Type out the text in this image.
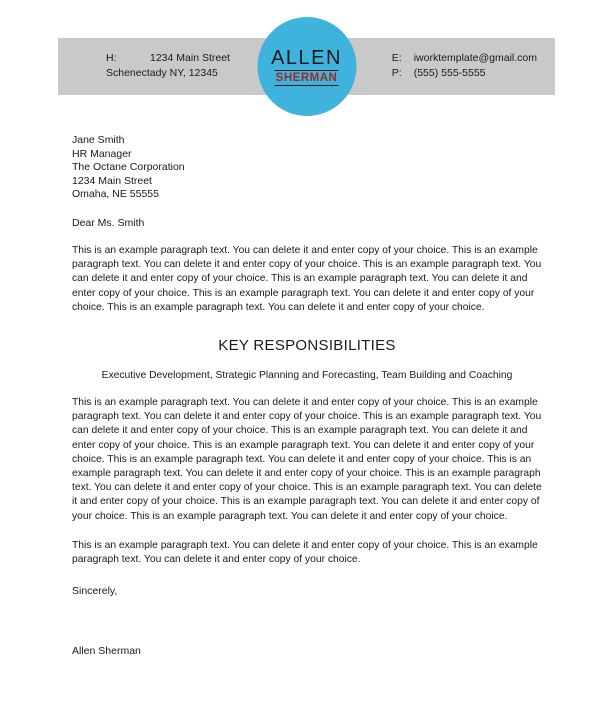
H:	1234 Main Street
Schenectady NY, 12345
ALLEN
SHERMAN
E: iworktemplate@gmail.com
P: (555) 555-5555
Jane Smith
HR Manager
The Octane Corporation
1234 Main Street
Omaha, NE 55555
Dear Ms. Smith
This is an example paragraph text. You can delete it and enter copy of your choice. This is an example paragraph text. You can delete it and enter copy of your choice. This is an example paragraph text. You can delete it and enter copy of your choice. This is an example paragraph text. You can delete it and enter copy of your choice. This is an example paragraph text. You can delete it and enter copy of your choice. This is an example paragraph text. You can delete it and enter copy of your choice.
KEY RESPONSIBILITIES
Executive Development, Strategic Planning and Forecasting, Team Building and Coaching
This is an example paragraph text. You can delete it and enter copy of your choice. This is an example paragraph text. You can delete it and enter copy of your choice. This is an example paragraph text. You can delete it and enter copy of your choice. This is an example paragraph text. You can delete it and enter copy of your choice. This is an example paragraph text. You can delete it and enter copy of your choice. This is an example paragraph text. You can delete it and enter copy of your choice. This is an example paragraph text. You can delete it and enter copy of your choice. This is an example paragraph text. You can delete it and enter copy of your choice. This is an example paragraph text. You can delete it and enter copy of your choice. This is an example paragraph text. You can delete it and enter copy of your choice. This is an example paragraph text. You can delete it and enter copy of your choice.
This is an example paragraph text. You can delete it and enter copy of your choice. This is an example paragraph text. You can delete it and enter copy of your choice.
Sincerely,
Allen Sherman
